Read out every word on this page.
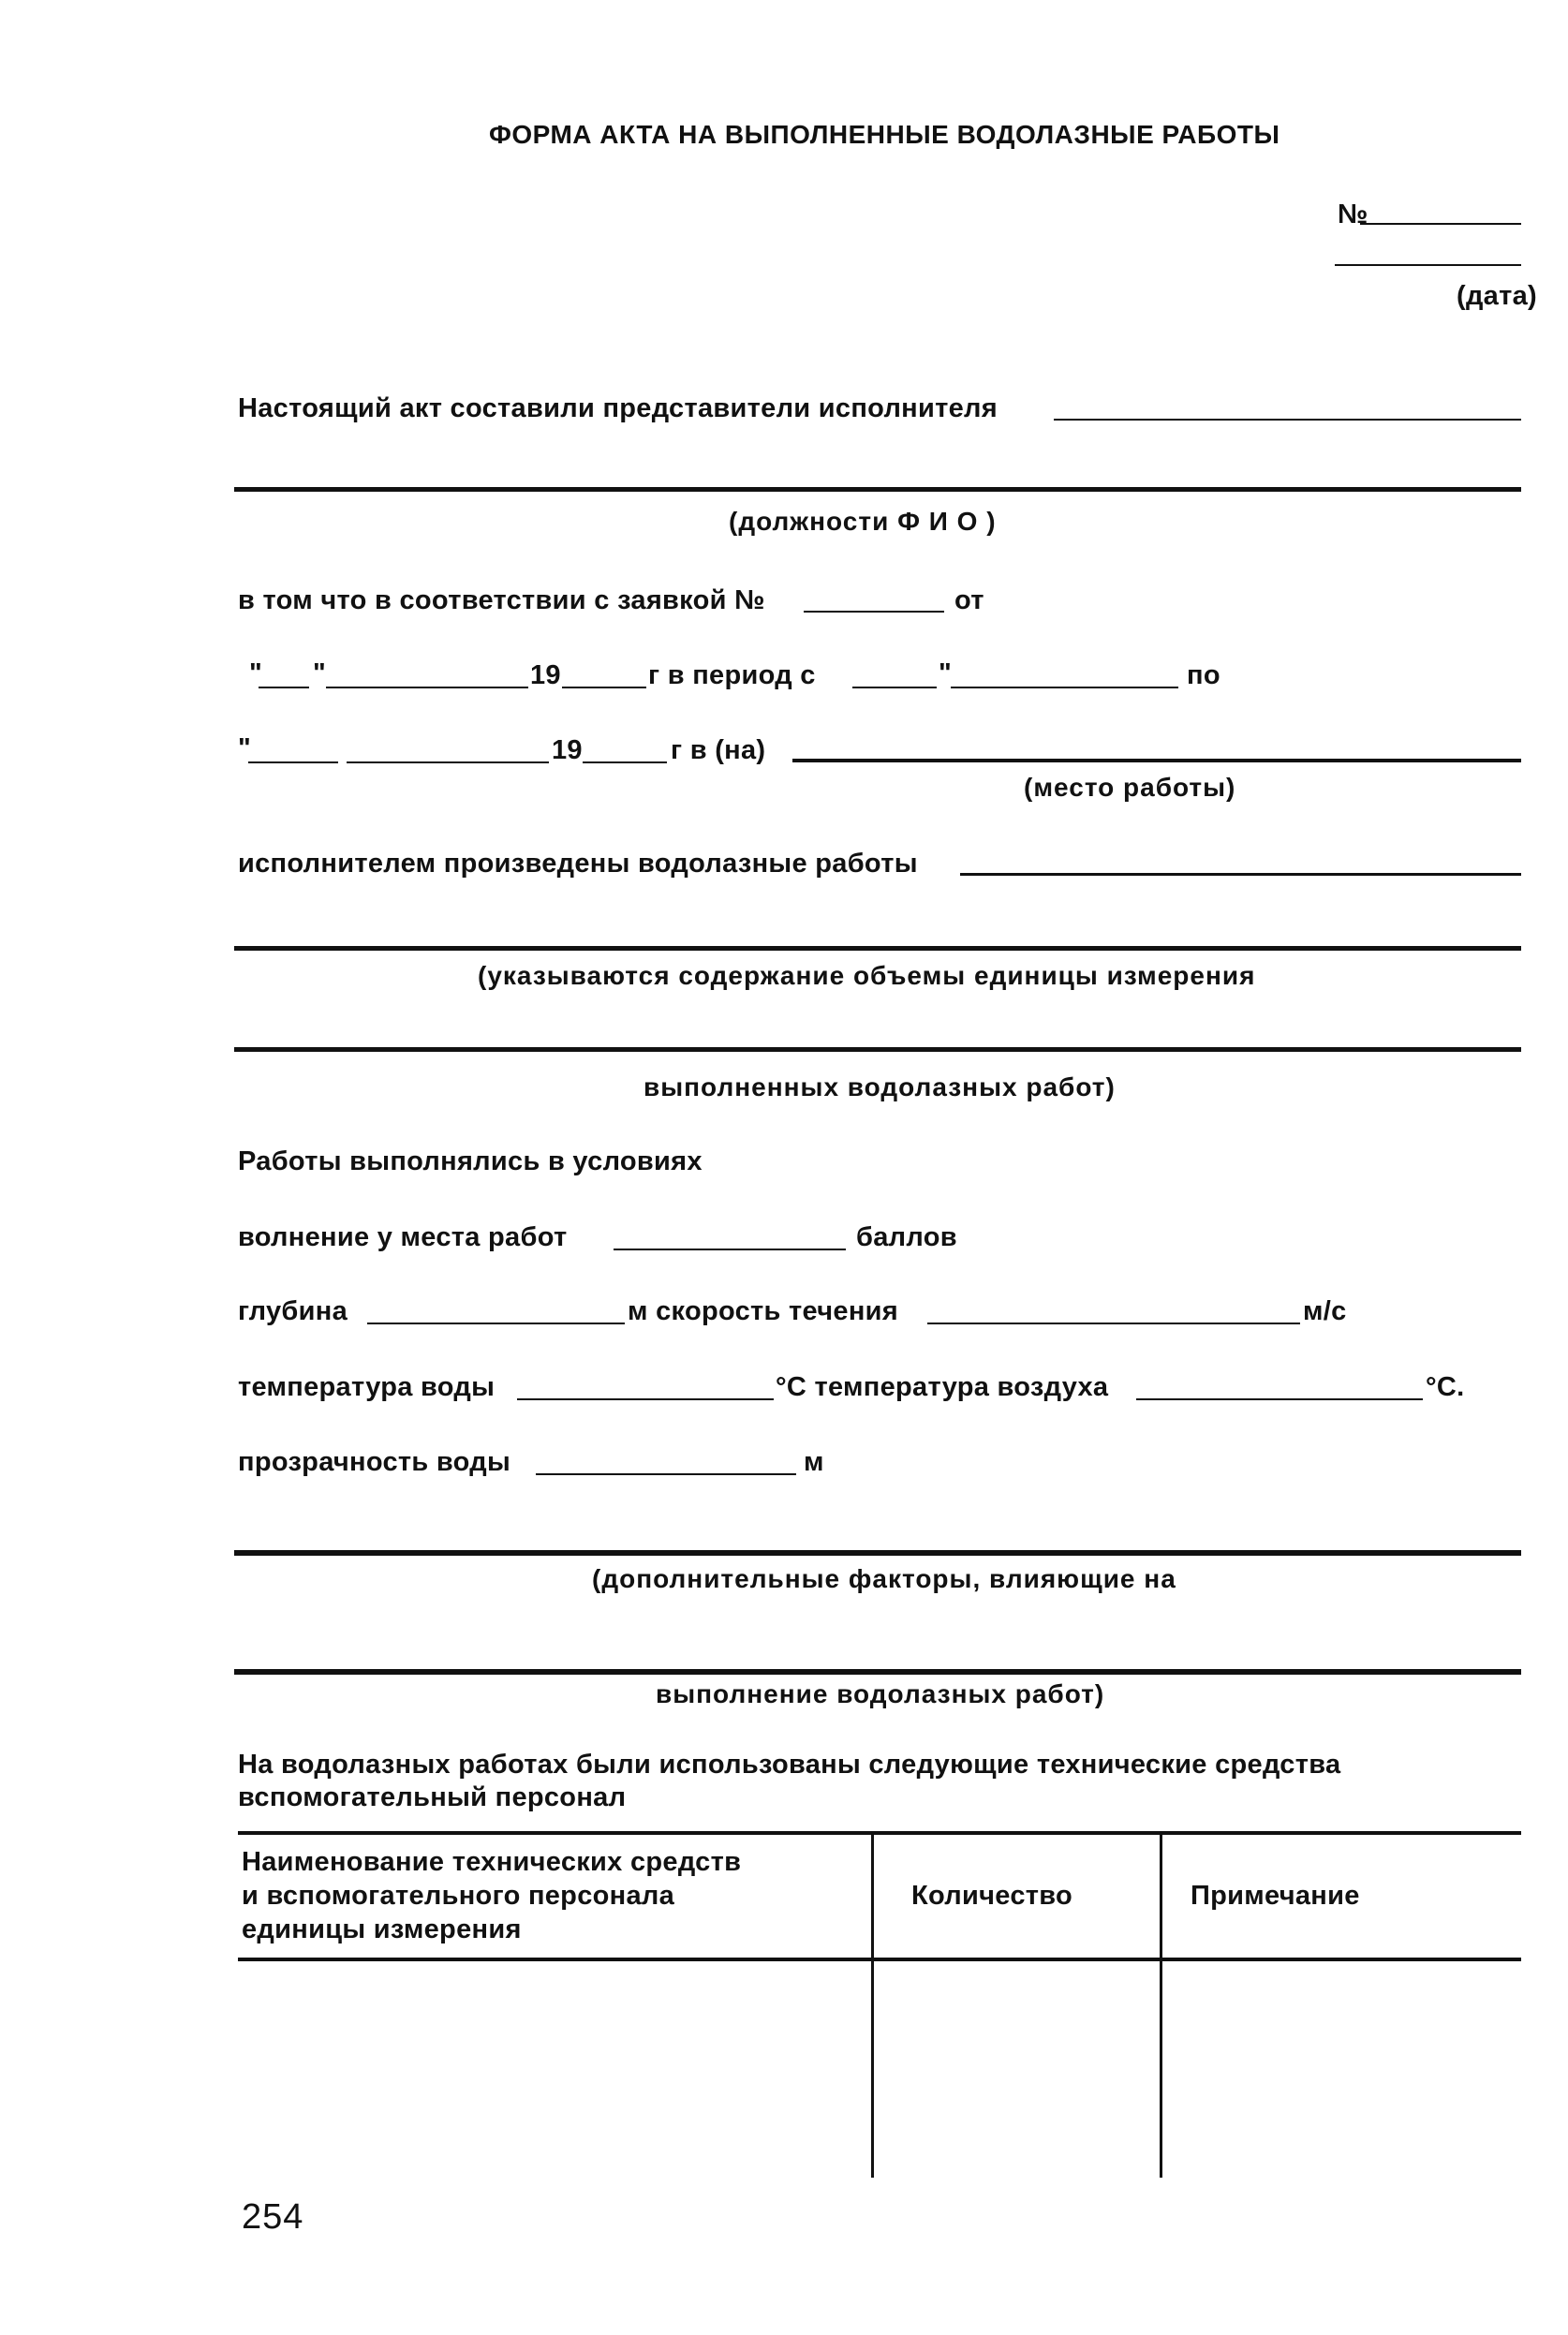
ФОРМА АКТА НА ВЫПОЛНЕННЫЕ ВОДОЛАЗНЫЕ РАБОТЫ
№
(дата)
Настоящий акт составили представители исполнителя
(должности Ф И О )
в том что в соответствии с заявкой №	от
" "	19	г в период с	"	по
"	19	г в (на)
(место работы)
исполнителем произведены водолазные работы
(указываются содержание объемы единицы измерения
выполненных водолазных работ)
Работы выполнялись в условиях
волнение у места работ	баллов
глубина	м скорость течения	м/с
температура воды	°С температура воздуха	°С.
прозрачность воды	м
(дополнительные факторы, влияющие на
выполнение водолазных работ)
На водолазных работах были использованы следующие технические средства
вспомогательный персонал
Наименование технических средств
и вспомогательного персонала
единицы измерения
Количество	Примечание
254
